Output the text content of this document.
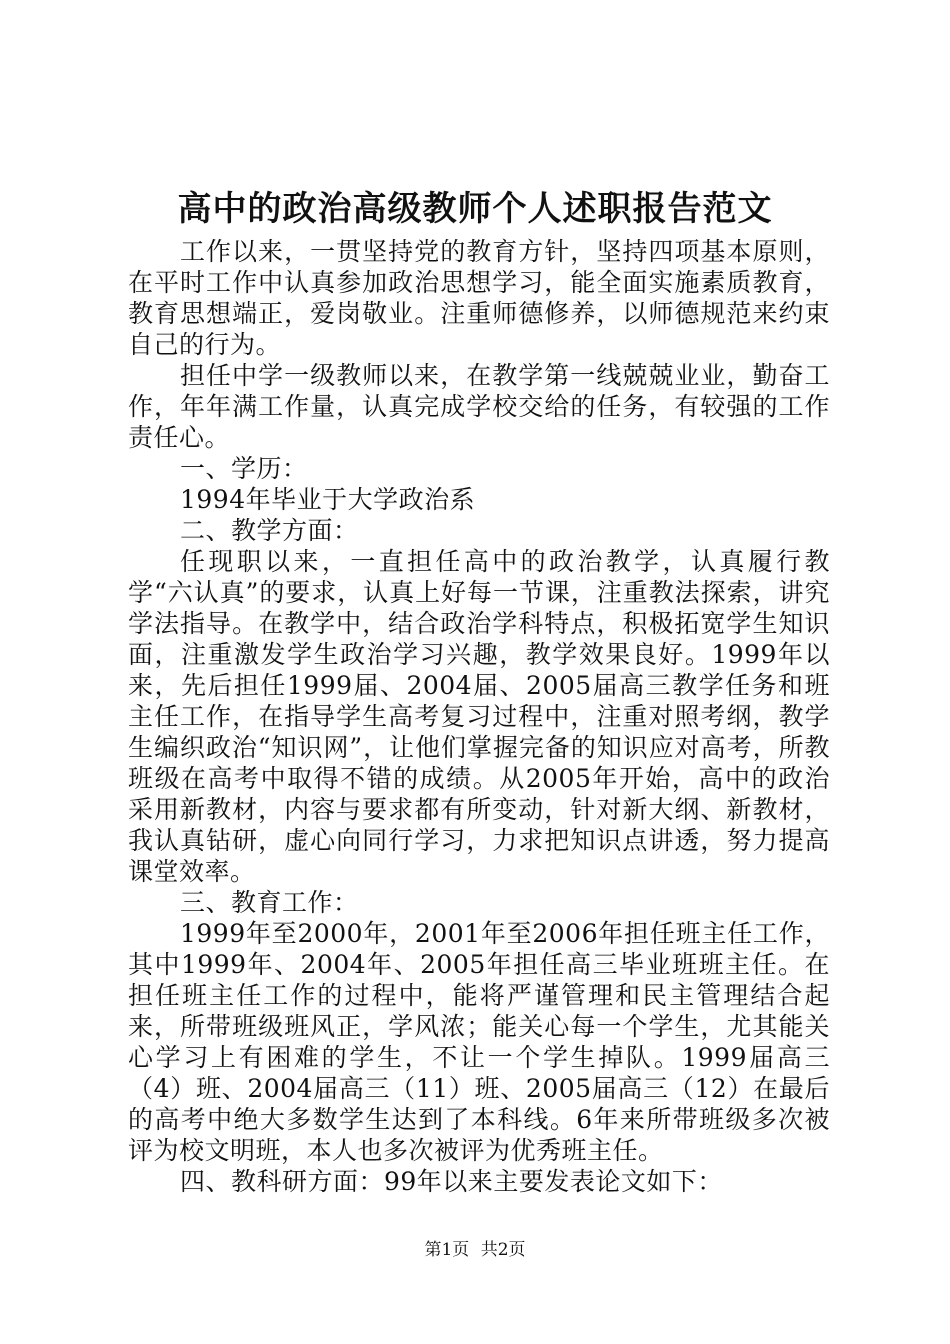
高中的政治高级教师个人述职报告范文

工作以来，一贯坚持党的教育方针，坚持四项基本原则，在平时工作中认真参加政治思想学习，能全面实施素质教育，教育思想端正，爱岗敬业。注重师德修养，以师德规范来约束自己的行为。

担任中学一级教师以来，在教学第一线兢兢业业，勤奋工作，年年满工作量，认真完成学校交给的任务，有较强的工作责任心。

一、学历：

1994年毕业于大学政治系

二、教学方面：

任现职以来，一直担任高中的政治教学，认真履行教学“六认真”的要求，认真上好每一节课，注重教法探索，讲究学法指导。在教学中，结合政治学科特点，积极拓宽学生知识面，注重激发学生政治学习兴趣，教学效果良好。1999年以来，先后担任1999届、2004届、2005届高三教学任务和班主任工作，在指导学生高考复习过程中，注重对照考纲，教学生编织政治“知识网”，让他们掌握完备的知识应对高考，所教班级在高考中取得不错的成绩。从2005年开始，高中的政治采用新教材，内容与要求都有所变动，针对新大纲、新教材，我认真钻研，虚心向同行学习，力求把知识点讲透，努力提高课堂效率。

三、教育工作：

1999年至2000年，2001年至2006年担任班主任工作，其中1999年、2004年、2005年担任高三毕业班班主任。在担任班主任工作的过程中，能将严谨管理和民主管理结合起来，所带班级班风正，学风浓；能关心每一个学生，尤其能关心学习上有困难的学生，不让一个学生掉队。1999届高三（4）班、2004届高三（11）班、2005届高三（12）在最后的高考中绝大多数学生达到了本科线。6年来所带班级多次被评为校文明班，本人也多次被评为优秀班主任。

四、教科研方面：99年以来主要发表论文如下：

第1页 共2页
